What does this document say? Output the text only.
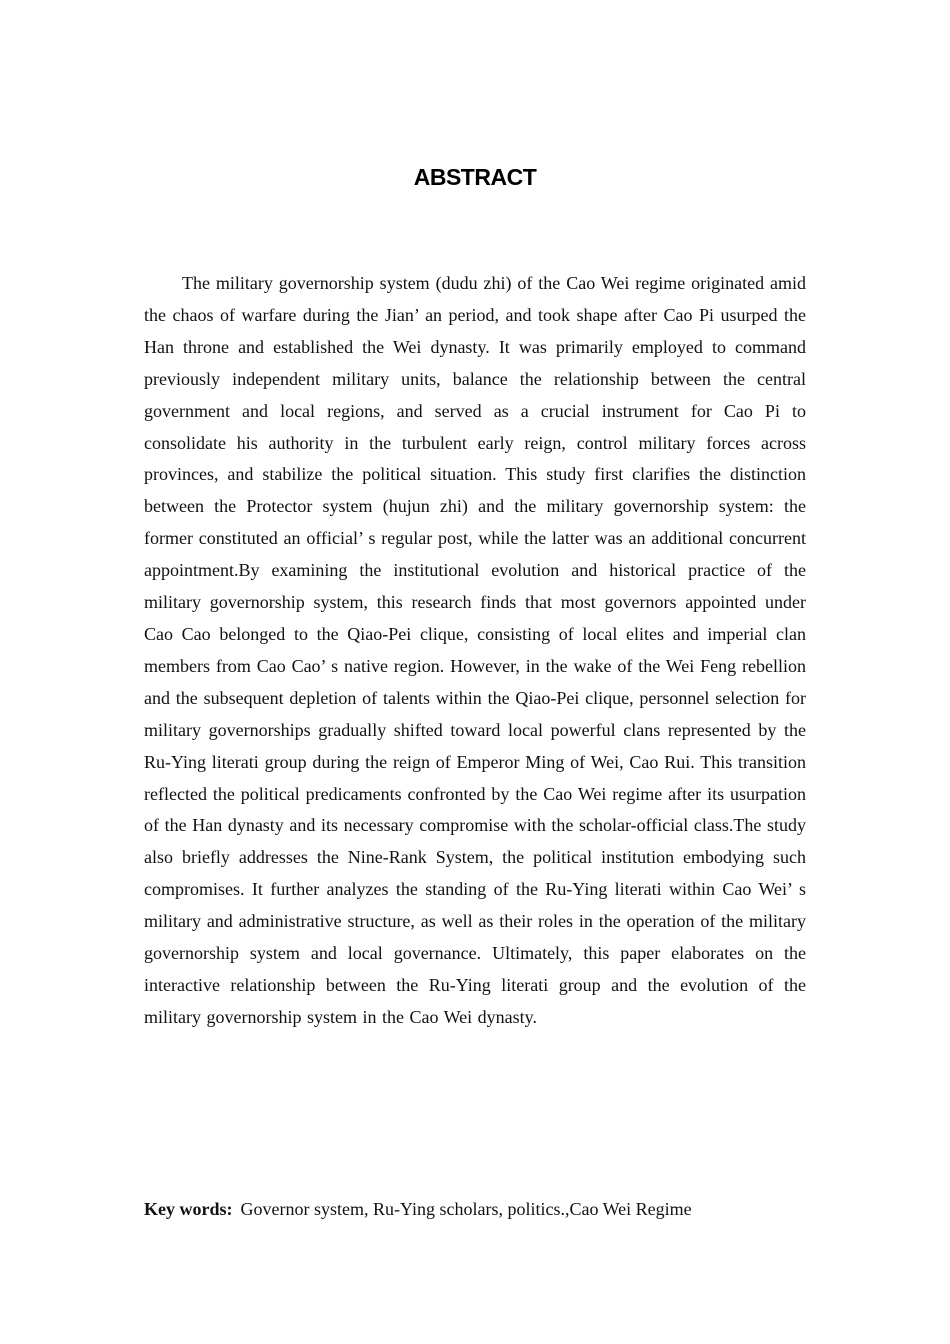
ABSTRACT

The military governorship system (dudu zhi) of the Cao Wei regime originated amid the chaos of warfare during the Jian’ an period, and took shape after Cao Pi usurped the Han throne and established the Wei dynasty. It was primarily employed to command previously independent military units, balance the relationship between the central government and local regions, and served as a crucial instrument for Cao Pi to consolidate his authority in the turbulent early reign, control military forces across provinces, and stabilize the political situation. This study first clarifies the distinction between the Protector system (hujun zhi) and the military governorship system: the former constituted an official’ s regular post, while the latter was an additional concurrent appointment.By examining the institutional evolution and historical practice of the military governorship system, this research finds that most governors appointed under Cao Cao belonged to the Qiao-Pei clique, consisting of local elites and imperial clan members from Cao Cao’ s native region. However, in the wake of the Wei Feng rebellion and the subsequent depletion of talents within the Qiao-Pei clique, personnel selection for military governorships gradually shifted toward local powerful clans represented by the Ru-Ying literati group during the reign of Emperor Ming of Wei, Cao Rui. This transition reflected the political predicaments confronted by the Cao Wei regime after its usurpation of the Han dynasty and its necessary compromise with the scholar-official class.The study also briefly addresses the Nine-Rank System, the political institution embodying such compromises. It further analyzes the standing of the Ru-Ying literati within Cao Wei’ s military and administrative structure, as well as their roles in the operation of the military governorship system and local governance. Ultimately, this paper elaborates on the interactive relationship between the Ru-Ying literati group and the evolution of the military governorship system in the Cao Wei dynasty.

Key words: Governor system, Ru-Ying scholars, politics.,Cao Wei Regime
